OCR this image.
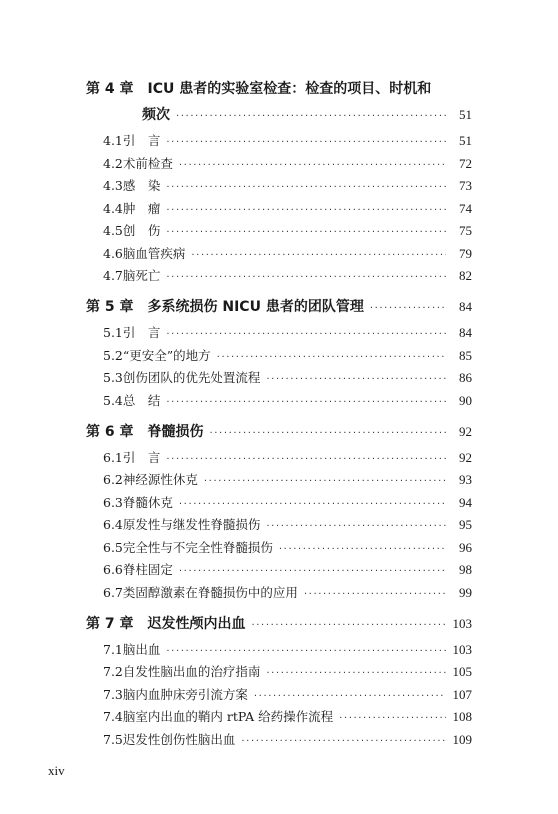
第 4 章 ICU 患者的实验室检查：检查的项目、时机和
频次 ·····	51
4.1 引　言 ·····	51
4.2 术前检查 ·····	72
4.3 感　染 ·····	73
4.4 肿　瘤 ·····	74
4.5 创　伤 ·····	75
4.6 脑血管疾病 ·····	79
4.7 脑死亡 ·····	82
第 5 章 多系统损伤 NICU 患者的团队管理 ·····	84
5.1 引　言 ·····	84
5.2 “更安全”的地方 ·····	85
5.3 创伤团队的优先处置流程 ·····	86
5.4 总　结 ·····	90
第 6 章 脊髓损伤 ·····	92
6.1 引　言 ·····	92
6.2 神经源性休克 ·····	93
6.3 脊髓休克 ·····	94
6.4 原发性与继发性脊髓损伤 ·····	95
6.5 完全性与不完全性脊髓损伤 ·····	96
6.6 脊柱固定 ·····	98
6.7 类固醇激素在脊髓损伤中的应用 ·····	99
第 7 章 迟发性颅内出血 ·····	103
7.1 脑出血 ·····	103
7.2 自发性脑出血的治疗指南 ·····	105
7.3 脑内血肿床旁引流方案 ·····	107
7.4 脑室内出血的鞘内 rtPA 给药操作流程 ·····	108
7.5 迟发性创伤性脑出血 ·····	109
xiv
